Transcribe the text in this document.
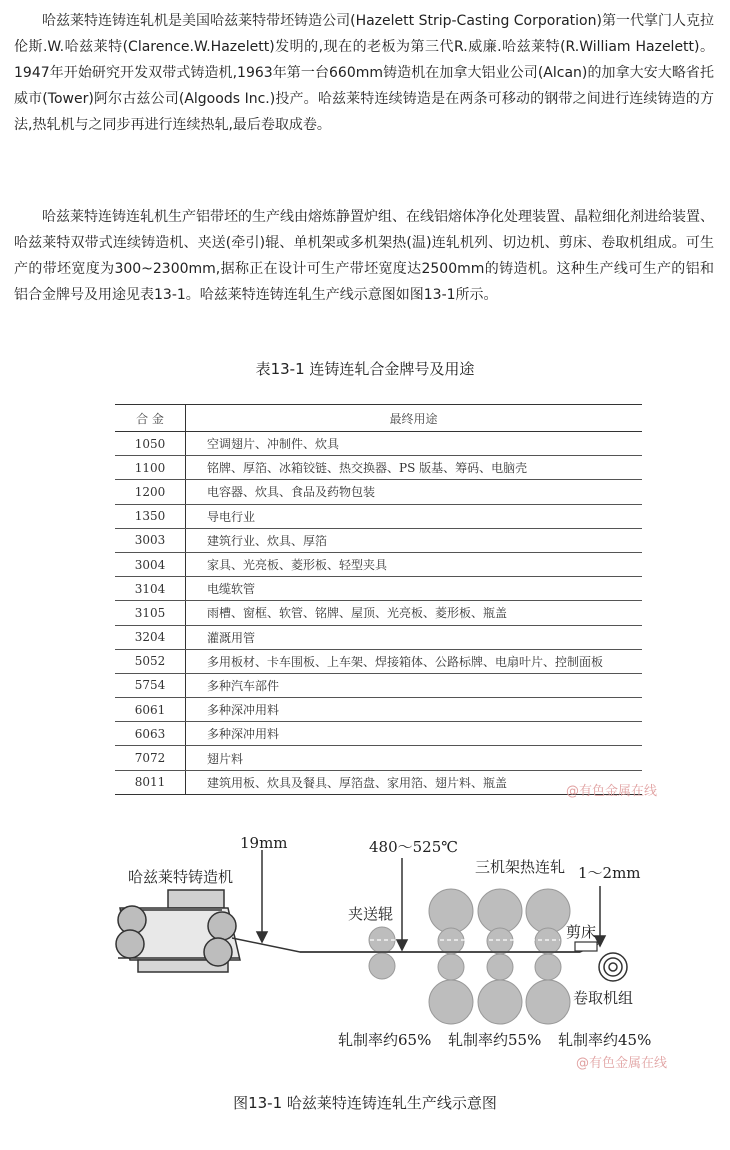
哈兹莱特连铸连轧机是美国哈兹莱特带坯铸造公司(Hazelett Strip-Casting Corporation)第一代掌门人克拉伦斯.W.哈兹莱特(Clarence.W.Hazelett)发明的,现在的老板为第三代R.威廉.哈兹莱特(R.William Hazelett)。1947年开始研究开发双带式铸造机,1963年第一台660mm铸造机在加拿大铝业公司(Alcan)的加拿大安大略省托威市(Tower)阿尔古兹公司(Algoods Inc.)投产。哈兹莱特连续铸造是在两条可移动的钢带之间进行连续铸造的方法,热轧机与之同步再进行连续热轧,最后卷取成卷。

哈兹莱特连铸连轧机生产铝带坯的生产线由熔炼静置炉组、在线铝熔体净化处理装置、晶粒细化剂进给装置、哈兹莱特双带式连续铸造机、夹送(牵引)辊、单机架或多机架热(温)连轧机列、切边机、剪床、卷取机组成。可生产的带坯宽度为300~2300mm,据称正在设计可生产带坯宽度达2500mm的铸造机。这种生产线可生产的铝和铝合金牌号及用途见表13-1。哈兹莱特连铸连轧生产线示意图如图13-1所示。

表13-1 连铸连轧合金牌号及用途
合 金	最终用途
1050	空调翅片、冲制件、炊具
1100	铭牌、厚箔、冰箱铰链、热交换器、PS 版基、筹码、电脑壳
1200	电容器、炊具、食品及药物包装
1350	导电行业
3003	建筑行业、炊具、厚箔
3004	家具、光亮板、菱形板、轻型夹具
3104	电缆软管
3105	雨槽、窗框、软管、铭牌、屋顶、光亮板、菱形板、瓶盖
3204	灌溉用管
5052	多用板材、卡车围板、上车架、焊接箱体、公路标牌、电扇叶片、控制面板
5754	多种汽车部件
6061	多种深冲用料
6063	多种深冲用料
7072	翅片料
8011	建筑用板、炊具及餐具、厚箔盘、家用箔、翅片料、瓶盖
@有色金属在线
19mm
哈兹莱特铸造机
480～525℃
夹送辊
三机架热连轧 1～2mm
剪床
卷取机组
轧制率约65% 轧制率约55% 轧制率约45%
@有色金属在线
图13-1 哈兹莱特连铸连轧生产线示意图
